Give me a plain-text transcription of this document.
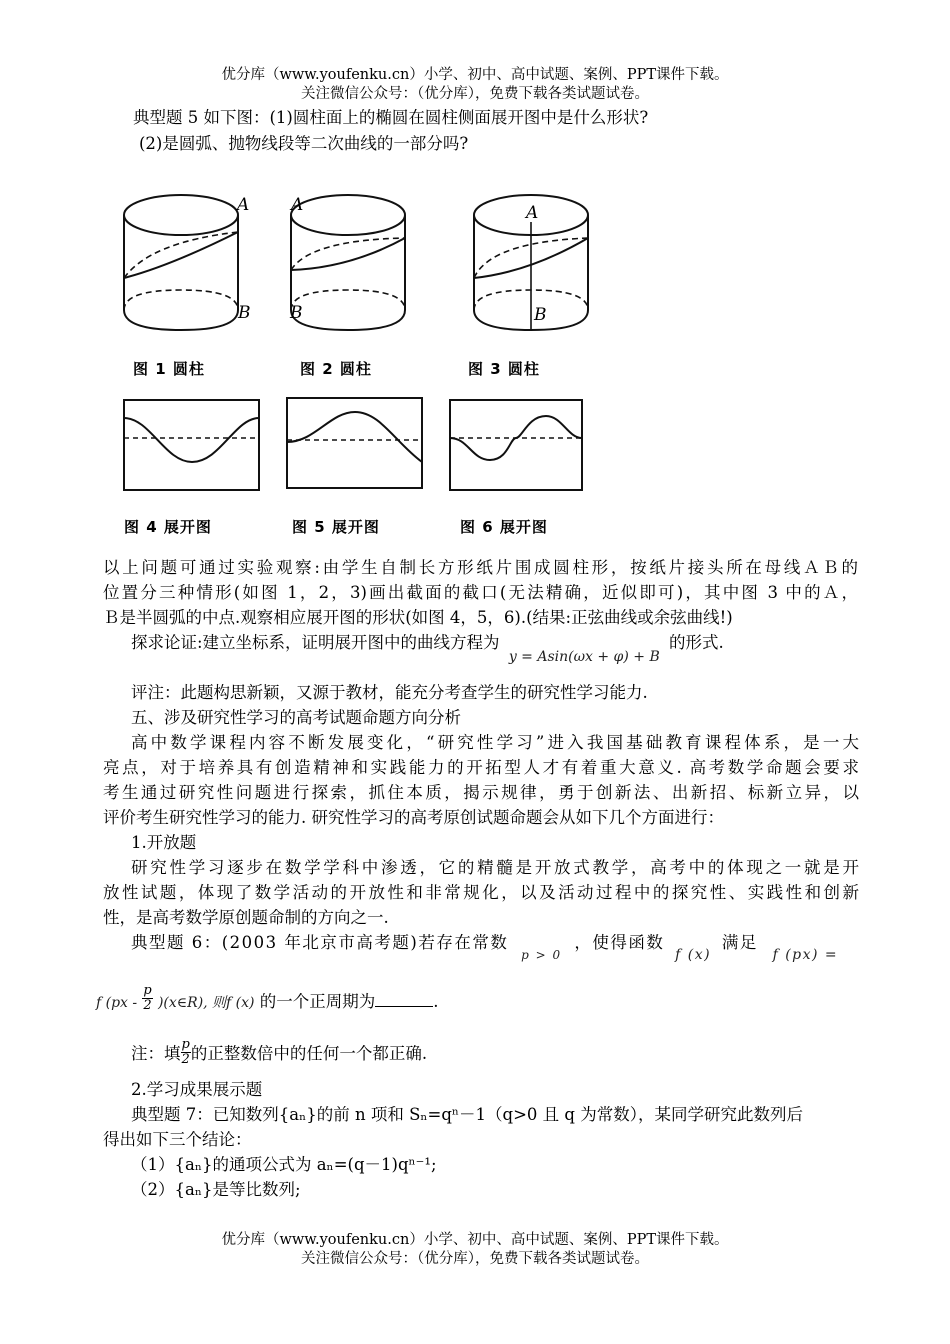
优分库（www.youfenku.cn）小学、初中、高中试题、案例、PPT课件下载。
关注微信公众号：（优分库），免费下载各类试题试卷。
典型题 5 如下图：(1)圆柱面上的椭圆在圆柱侧面展开图中是什么形状?
(2)是圆弧、抛物线段等二次曲线的一部分吗?
A
B
A
B
A
B
图 1 圆柱	图 2 圆柱	图 3 圆柱
图 4 展开图	图 5 展开图	图 6 展开图
以上问题可通过实验观察:由学生自制长方形纸片围成圆柱形，按纸片接头所在母线ＡＢ的
位置分三种情形(如图 1，2，3)画出截面的截口(无法精确，近似即可)，其中图 3 中的Ａ，
Ｂ是半圆弧的中点.观察相应展开图的形状(如图 4，5，6).(结果:正弦曲线或余弦曲线!)
探求论证:建立坐标系，证明展开图中的曲线方程为 y = Asin(ωx + φ) + B 的形式.
评注：此题构思新颖，又源于教材，能充分考查学生的研究性学习能力.
五、涉及研究性学习的高考试题命题方向分析
高中数学课程内容不断发展变化，“研究性学习”进入我国基础教育课程体系，是一大
亮点，对于培养具有创造精神和实践能力的开拓型人才有着重大意义. 高考数学命题会要求
考生通过研究性问题进行探索，抓住本质，揭示规律，勇于创新法、出新招、标新立异，以
评价考生研究性学习的能力. 研究性学习的高考原创试题命题会从如下几个方面进行：
1.开放题
研究性学习逐步在数学学科中渗透，它的精髓是开放式教学，高考中的体现之一就是开
放性试题，体现了数学活动的开放性和非常规化，以及活动过程中的探究性、实践性和创新
性，是高考数学原创题命制的方向之一.
典型题 6：(2003 年北京市高考题)若存在常数 p > 0 ，使得函数 f (x) 满足 f (px) =
f ($px - \frac{p}{2}$ )(x∈R), 则f (x) 的一个正周期为	.
注：填 $\frac{p}{2}$ 的正整数倍中的任何一个都正确.
2.学习成果展示题
典型题 7：已知数列{aₙ}的前 n 项和 Sₙ=qⁿ－1（q>0 且 q 为常数），某同学研究此数列后
得出如下三个结论：
（1）{aₙ}的通项公式为 aₙ=(q－1)qⁿ⁻¹;
（2）{aₙ}是等比数列;
优分库（www.youfenku.cn）小学、初中、高中试题、案例、PPT课件下载。
关注微信公众号：（优分库），免费下载各类试题试卷。
